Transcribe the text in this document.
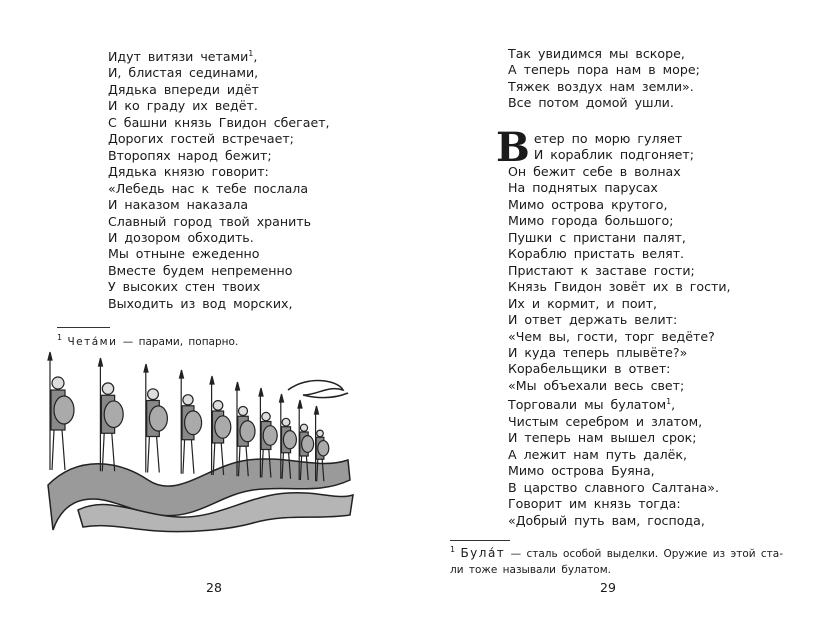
Идут витязи четами$^1$,
И, блистая сединами,
Дядька впереди идёт
И ко граду их ведёт.
С башни князь Гвидон сбегает,
Дорогих гостей встречает;
Второпях народ бежит;
Дядька князю говорит:
«Лебедь нас к тебе послала
И наказом наказала
Славный город твой хранить
И дозором обходить.
Мы отныне ежеденно
Вместе будем непременно
У высоких стен твоих
Выходить из вод морских,
$^1$ Чета́ми — парами, попарно.
28
Так увидимся мы вскоре,
А теперь пора нам в море;
Тяжек воздух нам земли».
Все потом домой ушли.
В етер по морю гуляет
И кораблик подгоняет;
Он бежит себе в волнах
На поднятых парусах
Мимо острова крутого,
Мимо города большого;
Пушки с пристани палят,
Кораблю пристать велят.
Пристают к заставе гости;
Князь Гвидон зовёт их в гости,
Их и кормит, и поит,
И ответ держать велит:
«Чем вы, гости, торг ведёте?
И куда теперь плывёте?»
Корабельщики в ответ:
«Мы объехали весь свет;
Торговали мы булатом$^1$,
Чистым серебром и златом,
И теперь нам вышел срок;
А лежит нам путь далёк,
Мимо острова Буяна,
В царство славного Салтана».
Говорит им князь тогда:
«Добрый путь вам, господа,
$^1$ Була́т — сталь особой выделки. Оружие из этой ста-
ли тоже называли булатом.
29
